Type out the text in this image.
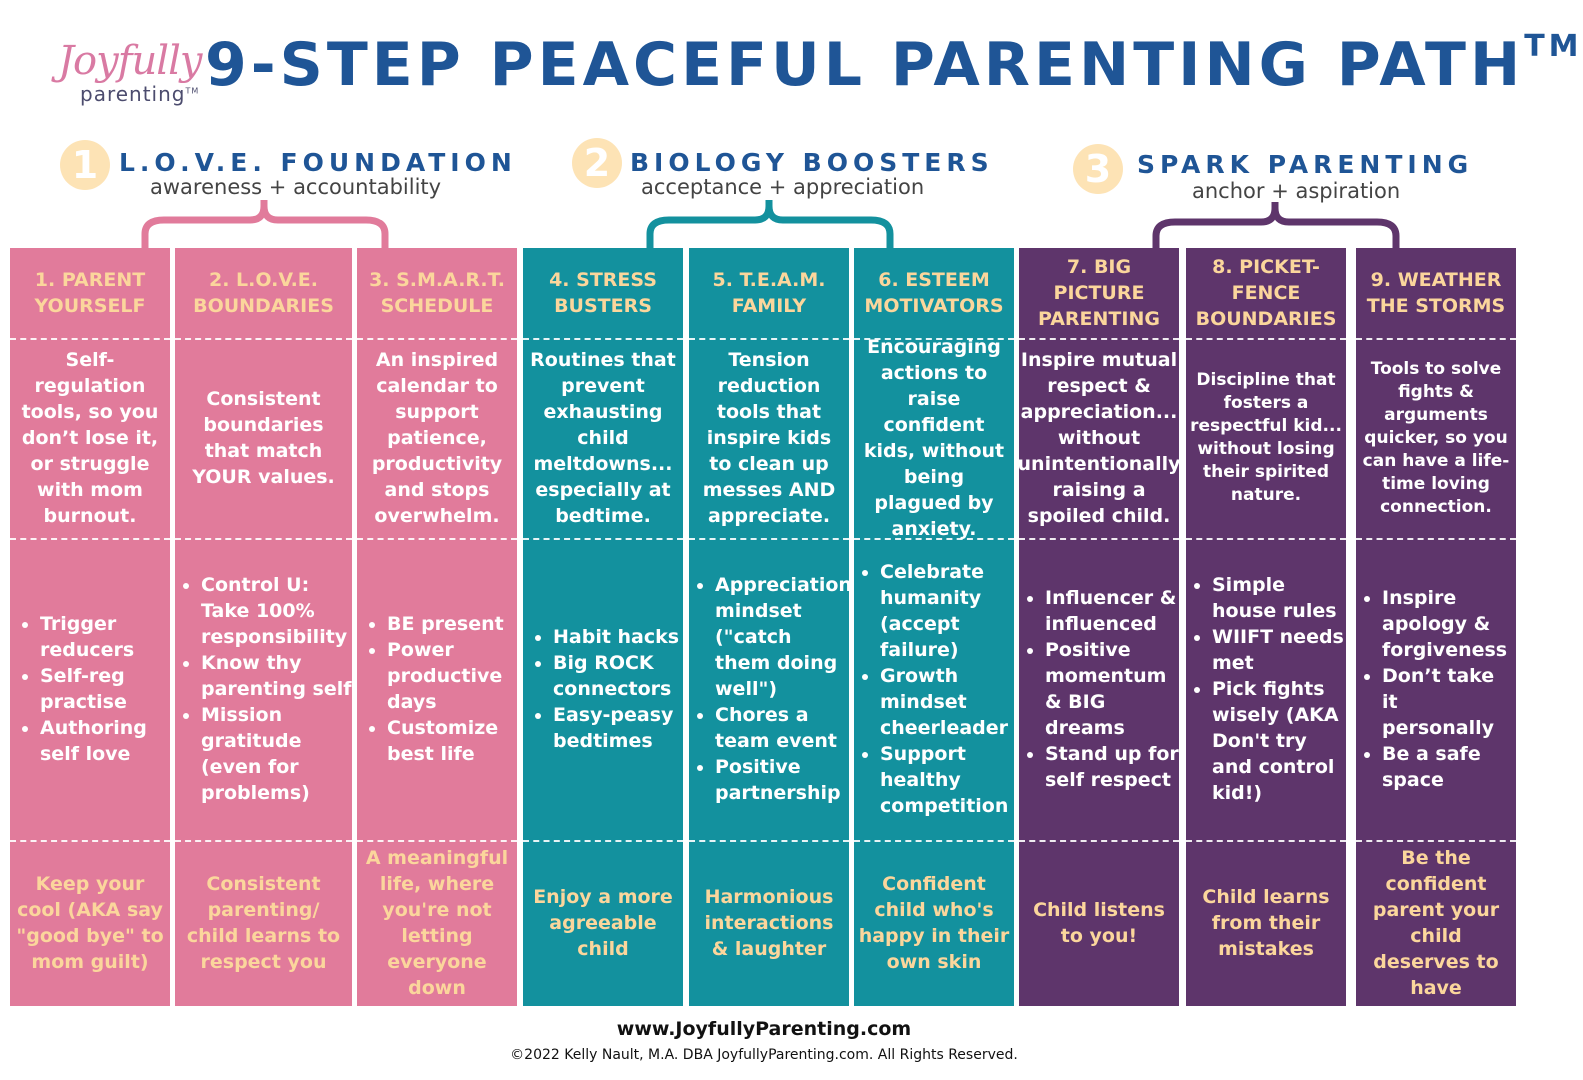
Joyfully
parenting™ 9-STEP PEACEFUL PARENTING PATH™
1 L.O.V.E. FOUNDATION
awareness + accountability
2 BIOLOGY BOOSTERS
acceptance + appreciation	3	SPARK PARENTING
anchor + aspiration
1. PARENT YOURSELF
Self-regulation tools, so you don’t lose it, or struggle with mom burnout.
• Trigger reducers
• Self-reg practise
• Authoring self love
Keep your cool (AKA say "good bye" to mom guilt)
2. L.O.V.E. BOUNDARIES
Consistent boundaries that match YOUR values.
• Control U: Take 100% responsibility
• Know thy parenting self
• Mission gratitude (even for problems)
Consistent parenting/ child learns to respect you
3. S.M.A.R.T. SCHEDULE
An inspired calendar to support patience, productivity and stops overwhelm.
• BE present
• Power productive days
• Customize best life
A meaningful life, where you're not letting everyone down
4. STRESS BUSTERS
Routines that prevent exhausting child meltdowns... especially at bedtime.
• Habit hacks
• Big ROCK connectors
• Easy-peasy bedtimes
Enjoy a more agreeable child
5. T.E.A.M. FAMILY
Tension reduction tools that inspire kids to clean up messes AND appreciate.
• Appreciation mindset ("catch them doing well")
• Chores a team event
• Positive partnership
Harmonious interactions & laughter
6. ESTEEM MOTIVATORS
Encouraging actions to raise confident kids, without being plagued by anxiety.
• Celebrate humanity (accept failure)
• Growth mindset cheerleader
• Support healthy competition
Confident child who's happy in their own skin
7. BIG PICTURE PARENTING
Inspire mutual respect & appreciation... without unintentionally raising a spoiled child.
• Influencer & influenced
• Positive momentum & BIG dreams
• Stand up for self respect
Child listens to you!
8. PICKET-FENCE BOUNDARIES
Discipline that fosters a respectful kid... without losing their spirited nature.
• Simple house rules
• WIIFT needs met
• Pick fights wisely (AKA Don't try and control kid!)
Child learns from their mistakes
9. WEATHER THE STORMS
Tools to solve fights & arguments quicker, so you can have a life-time loving connection.
• Inspire apology & forgiveness
• Don’t take it personally
• Be a safe space
Be the confident parent your child deserves to have
www.JoyfullyParenting.com
©2022 Kelly Nault, M.A. DBA JoyfullyParenting.com. All Rights Reserved.
